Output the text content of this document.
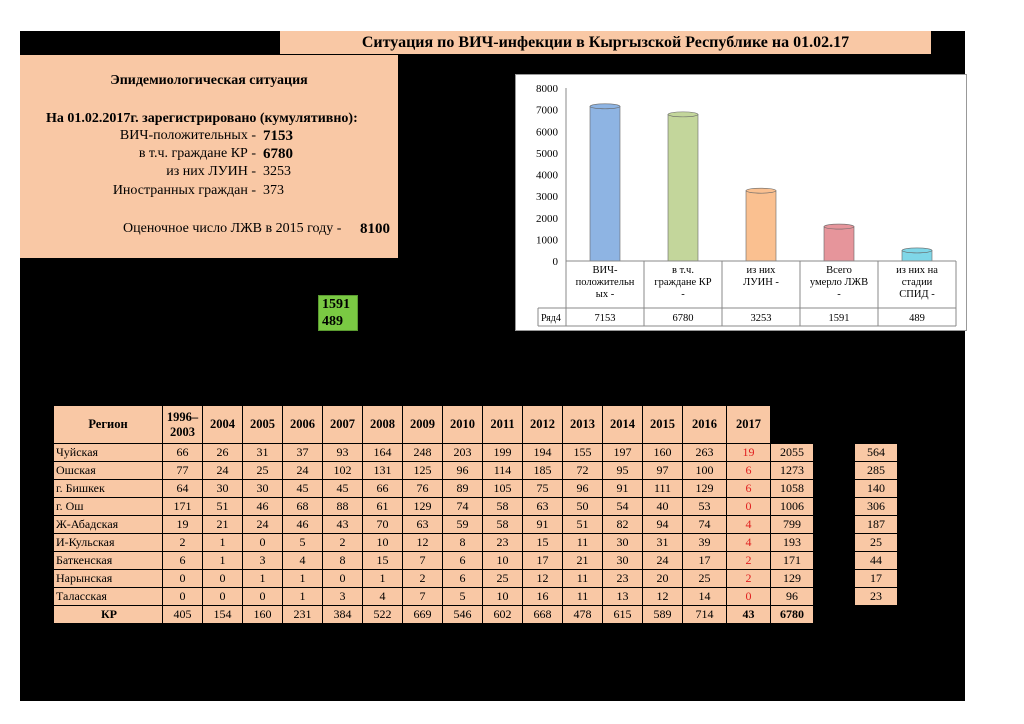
Ситуация по ВИЧ-инфекции в Кыргызской Республике на 01.02.17
Эпидемиологическая ситуация
На 01.02.2017г. зарегистрировано (кумулятивно):
ВИЧ-положительных - 7153
в т.ч. граждане КР - 6780
из них ЛУИН - 3253
Иностранных граждан - 373
Оценочное число ЛЖВ в 2015 году - 8100
1591
489
0
1000
2000
3000
4000
5000
6000
7000
8000
Ряд4
ВИЧ-
положительн
ых -
7153
в т.ч.
граждане КР
-
6780
из них
ЛУИН -
3253
Всего
умерло ЛЖВ
-
1591
из них на
стадии
СПИД -
489
Регион	1996–
2003	2004	2005	2006	2007	2008	2009	2010	2011	2012	2013	2014	2015	2016	2017				
Чуйская	66	26	31	37	93	164	248	203	199	194	155	197	160	263	19	2055		564	
Ошская	77	24	25	24	102	131	125	96	114	185	72	95	97	100	6	1273		285	
г. Бишкек	64	30	30	45	45	66	76	89	105	75	96	91	111	129	6	1058		140	
г. Ош	171	51	46	68	88	61	129	74	58	63	50	54	40	53	0	1006		306	
Ж-Абадская	19	21	24	46	43	70	63	59	58	91	51	82	94	74	4	799		187	
И-Кульская	2	1	0	5	2	10	12	8	23	15	11	30	31	39	4	193		25	
Баткенская	6	1	3	4	8	15	7	6	10	17	21	30	24	17	2	171		44	
Нарынская	0	0	1	1	0	1	2	6	25	12	11	23	20	25	2	129		17	
Таласская	0	0	0	1	3	4	7	5	10	16	11	13	12	14	0	96		23	
КР	405	154	160	231	384	522	669	546	602	668	478	615	589	714	43	6780			
